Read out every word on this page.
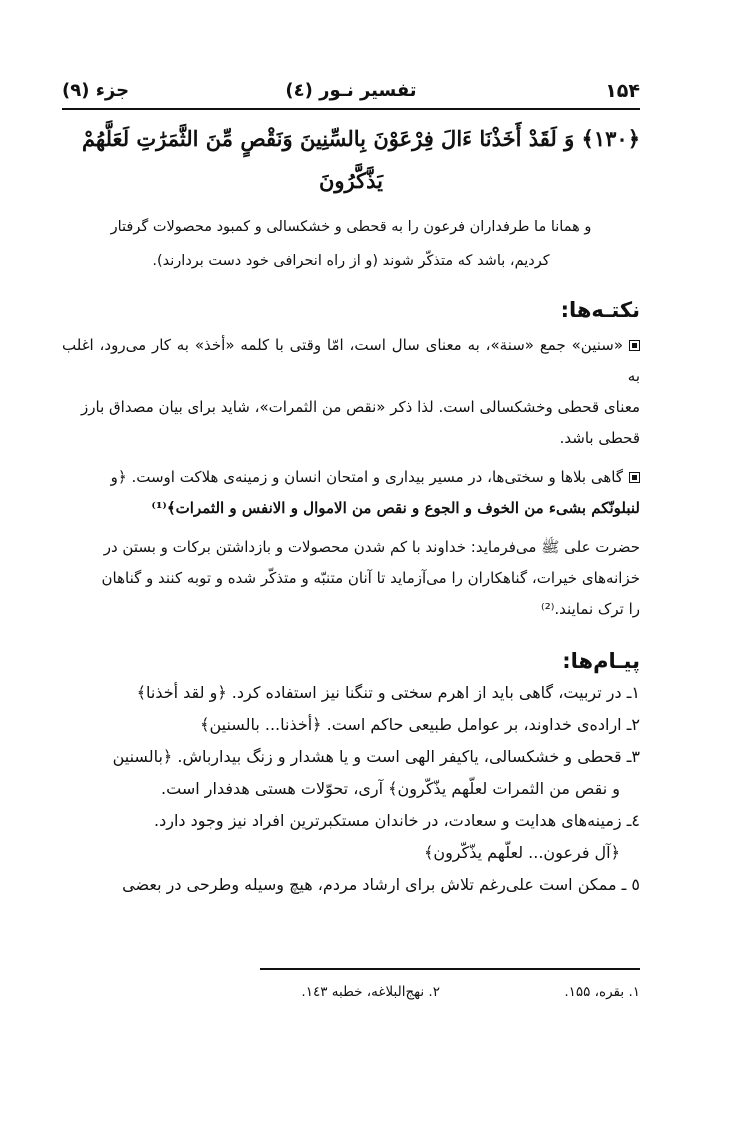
۱۵۴
تفسیر نـور (٤)
جزء (٩)
﴿۱۳۰﴾ وَ لَقَدْ أَخَذْنَا ءَالَ فِرْعَوْنَ بِالسِّنِينَ وَنَقْصٍ مِّنَ الثَّمَرَٰتِ لَعَلَّهُمْ
يَذَّكَّرُونَ
و همانا ما طرفداران فرعون را به قحطی و خشکسالی و کمبود محصولات گرفتار
کردیم، باشد که متذکّر شوند (و از راه انحرافی خود دست بردارند).
نکتـه‌ها:
«سنین» جمع «سنة»، به معنای سال است، امّا وقتی با کلمه «أخذ» به کار می‌رود، اغلب به
معنای قحطی وخشکسالی است. لذا ذکر «نقص من الثمرات»، شاید برای بیان مصداق بارز
قحطی باشد.
گاهی بلاها و سختی‌ها، در مسیر بیداری و امتحان انسان و زمینه‌ی هلاکت اوست. ﴿و
لنبلونّکم بشیء من الخوف و الجوع و نقص من الاموال و الانفس و الثمرات﴾⁽¹⁾
حضرت علی ﷺ می‌فرماید: خداوند با کم شدن محصولات و بازداشتن برکات و بستن در
خزانه‌های خیرات، گناهکاران را می‌آزماید تا آنان متنبّه و متذکّر شده و توبه کنند و گناهان
را ترک نمایند.⁽²⁾
پیـام‌ها:
۱ـ در تربیت، گاهی باید از اهرم سختی و تنگنا نیز استفاده کرد. ﴿و لقد أخذنا﴾
۲ـ اراده‌ی خداوند، بر عوامل طبیعی حاکم است. ﴿أخذنا... بالسنین﴾
۳ـ قحطی و خشکسالی، یاکیفر الهی است و یا هشدار و زنگ بیدارباش. ﴿بالسنین
و نقص من الثمرات لعلّهم یذّکّرون﴾ آری، تحوّلات هستی هدفدار است.
٤ـ زمینه‌های هدایت و سعادت، در خاندان مستکبرترین افراد نیز وجود دارد.
﴿آل فرعون... لعلّهم یذّکّرون﴾
٥ ـ ممکن است علی‌رغم تلاش برای ارشاد مردم، هیچ وسیله وطرحی در بعضی
۱. بقره، ۱۵۵.
۲. نهج‌البلاغه، خطبه ۱٤۳.
